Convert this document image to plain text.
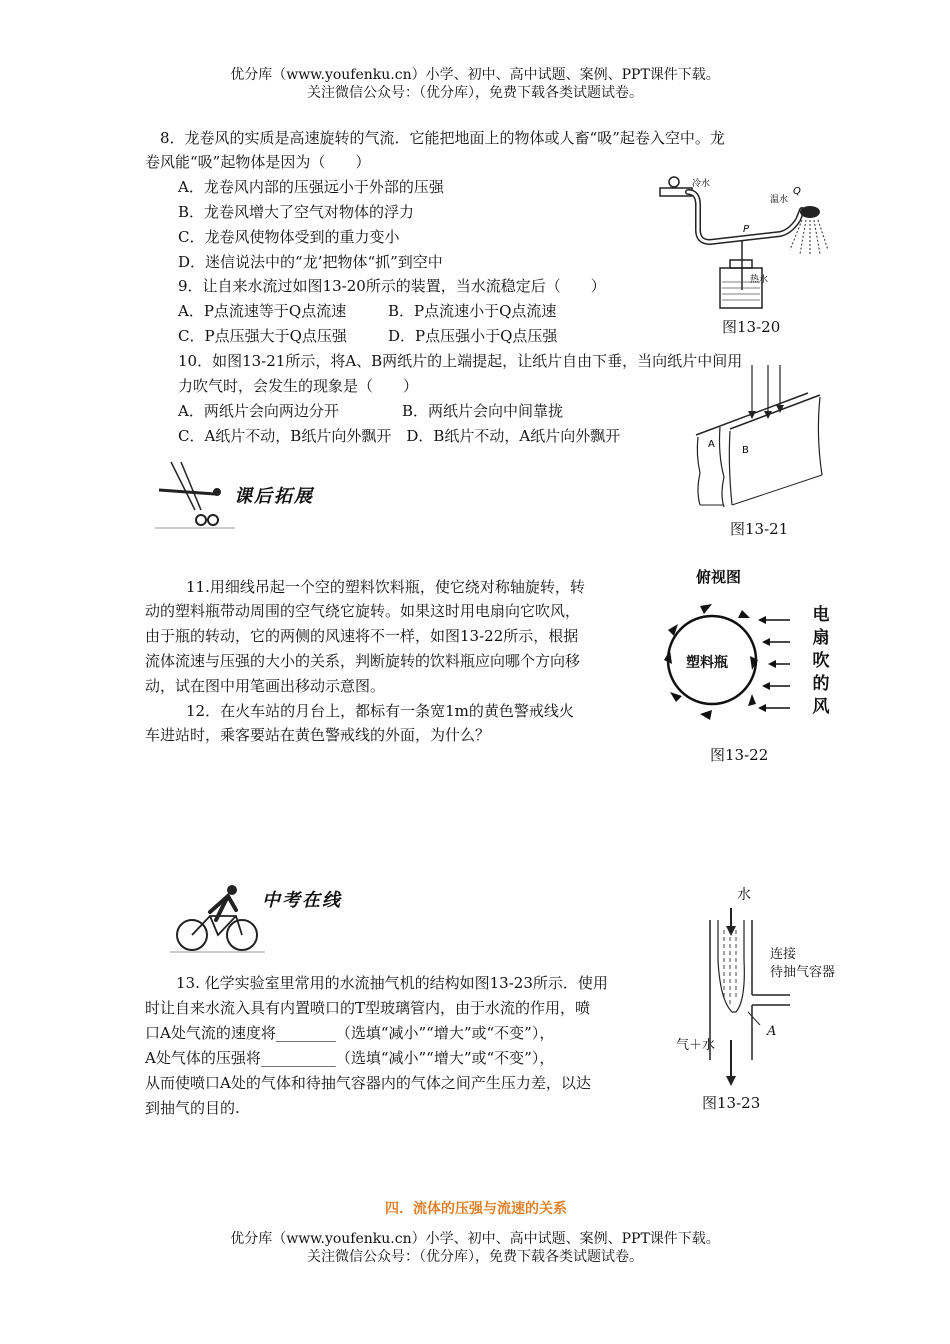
优分库（www.youfenku.cn）小学、初中、高中试题、案例、PPT课件下载。
关注微信公众号：（优分库），免费下载各类试题试卷。
8．龙卷风的实质是高速旋转的气流．它能把地面上的物体或人畜“吸”起卷入空中。龙
卷风能“吸”起物体是因为（　　）
A．龙卷风内部的压强远小于外部的压强
B．龙卷风增大了空气对物体的浮力
C．龙卷风使物体受到的重力变小
D．迷信说法中的“龙’把物体“抓”到空中
9．让自来水流过如图13-20所示的装置，当水流稳定后（　　）
A．P点流速等于Q点流速	B．P点流速小于Q点流速
C．P点压强大于Q点压强	D．P点压强小于Q点压强
冷水
温水
热水
P
Q
图13-20
10．如图13-21所示，将A、B两纸片的上端提起，让纸片自由下垂，当向纸片中间用
力吹气时，会发生的现象是（　　）
A．两纸片会向两边分开	B．两纸片会向中间靠拢
C．A纸片不动，B纸片向外飘开　D．B纸片不动，A纸片向外飘开	A
B
图13-21
课后拓展
11.用细线吊起一个空的塑料饮料瓶，使它绕对称轴旋转，转
动的塑料瓶带动周围的空气绕它旋转。如果这时用电扇向它吹风，
由于瓶的转动，它的两侧的风速将不一样，如图13-22所示，根据
流体流速与压强的大小的关系，判断旋转的饮料瓶应向哪个方向移
动，试在图中用笔画出移动示意图。
12．在火车站的月台上，都标有一条宽1m的黄色警戒线火
车进站时，乘客要站在黄色警戒线的外面，为什么？
俯视图
塑料瓶
电
扇
吹
的
风
图13-22
中考在线
13. 化学实验室里常用的水流抽气机的结构如图13-23所示．使用
时让自来水流入具有内置喷口的T型玻璃管内，由于水流的作用，喷
口A处气流的速度将________（选填“减小”“增大”或“不变”），
A处气体的压强将__________（选填“减小”“增大”或“不变”），
从而使喷口A处的气体和待抽气容器内的气体之间产生压力差，以达
到抽气的目的.
水
连接
待抽气容器
A
气＋水
图13-23
四．流体的压强与流速的关系
优分库（www.youfenku.cn）小学、初中、高中试题、案例、PPT课件下载。
关注微信公众号：（优分库），免费下载各类试题试卷。
